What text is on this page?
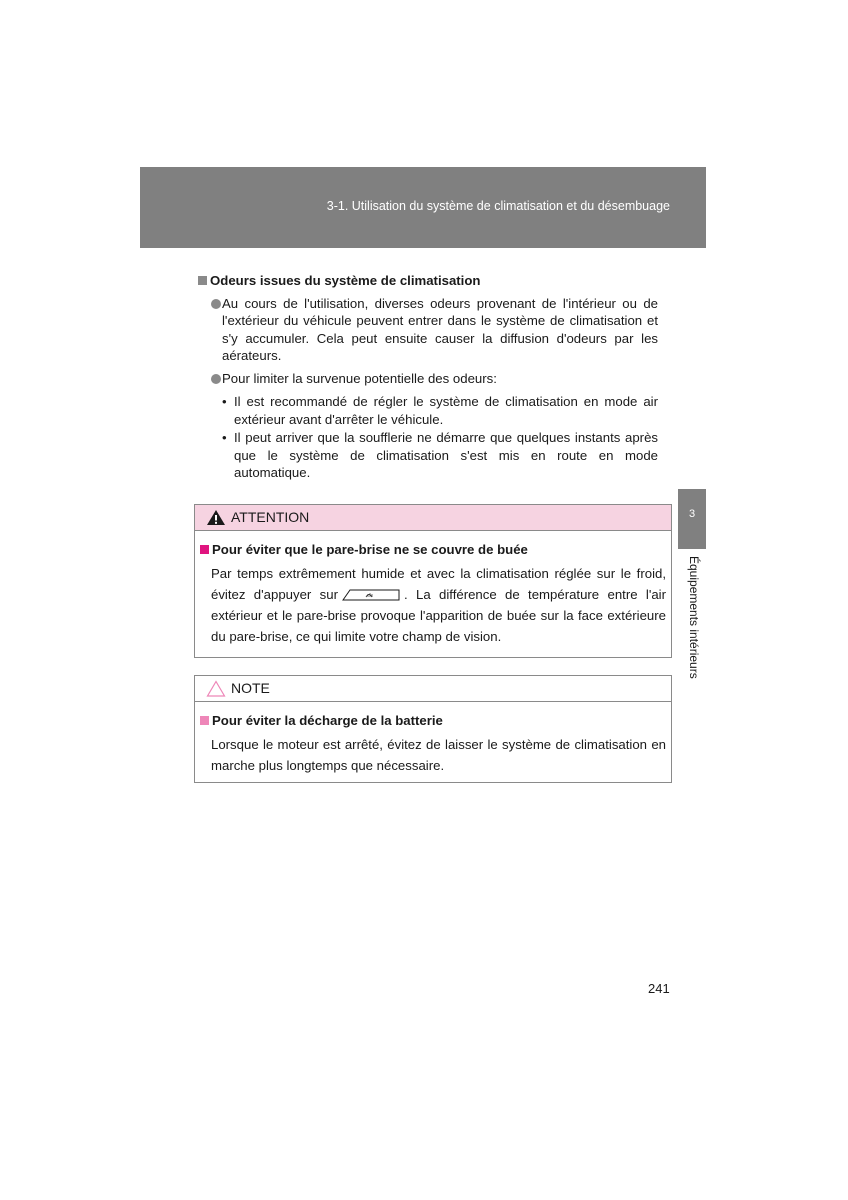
3-1. Utilisation du système de climatisation et du désembuage
3
Équipements intérieurs

Odeurs issues du système de climatisation

Au cours de l'utilisation, diverses odeurs provenant de l'intérieur ou de l'extérieur du véhicule peuvent entrer dans le système de climatisation et s'y accumuler. Cela peut ensuite causer la diffusion d'odeurs par les aérateurs.
Pour limiter la survenue potentielle des odeurs:
• Il est recommandé de régler le système de climatisation en mode air extérieur avant d'arrêter le véhicule.
• Il peut arriver que la soufflerie ne démarre que quelques instants après que le système de climatisation s'est mis en route en mode automatique.
ATTENTION

Pour éviter que le pare-brise ne se couvre de buée

Par temps extrêmement humide et avec la climatisation réglée sur le froid, évitez d'appuyer sur	. La différence de température entre l'air extérieur et le pare-brise provoque l'apparition de buée sur la face extérieure du pare-brise, ce qui limite votre champ de vision.
NOTE

Pour éviter la décharge de la batterie

Lorsque le moteur est arrêté, évitez de laisser le système de climatisation en marche plus longtemps que nécessaire.
241
